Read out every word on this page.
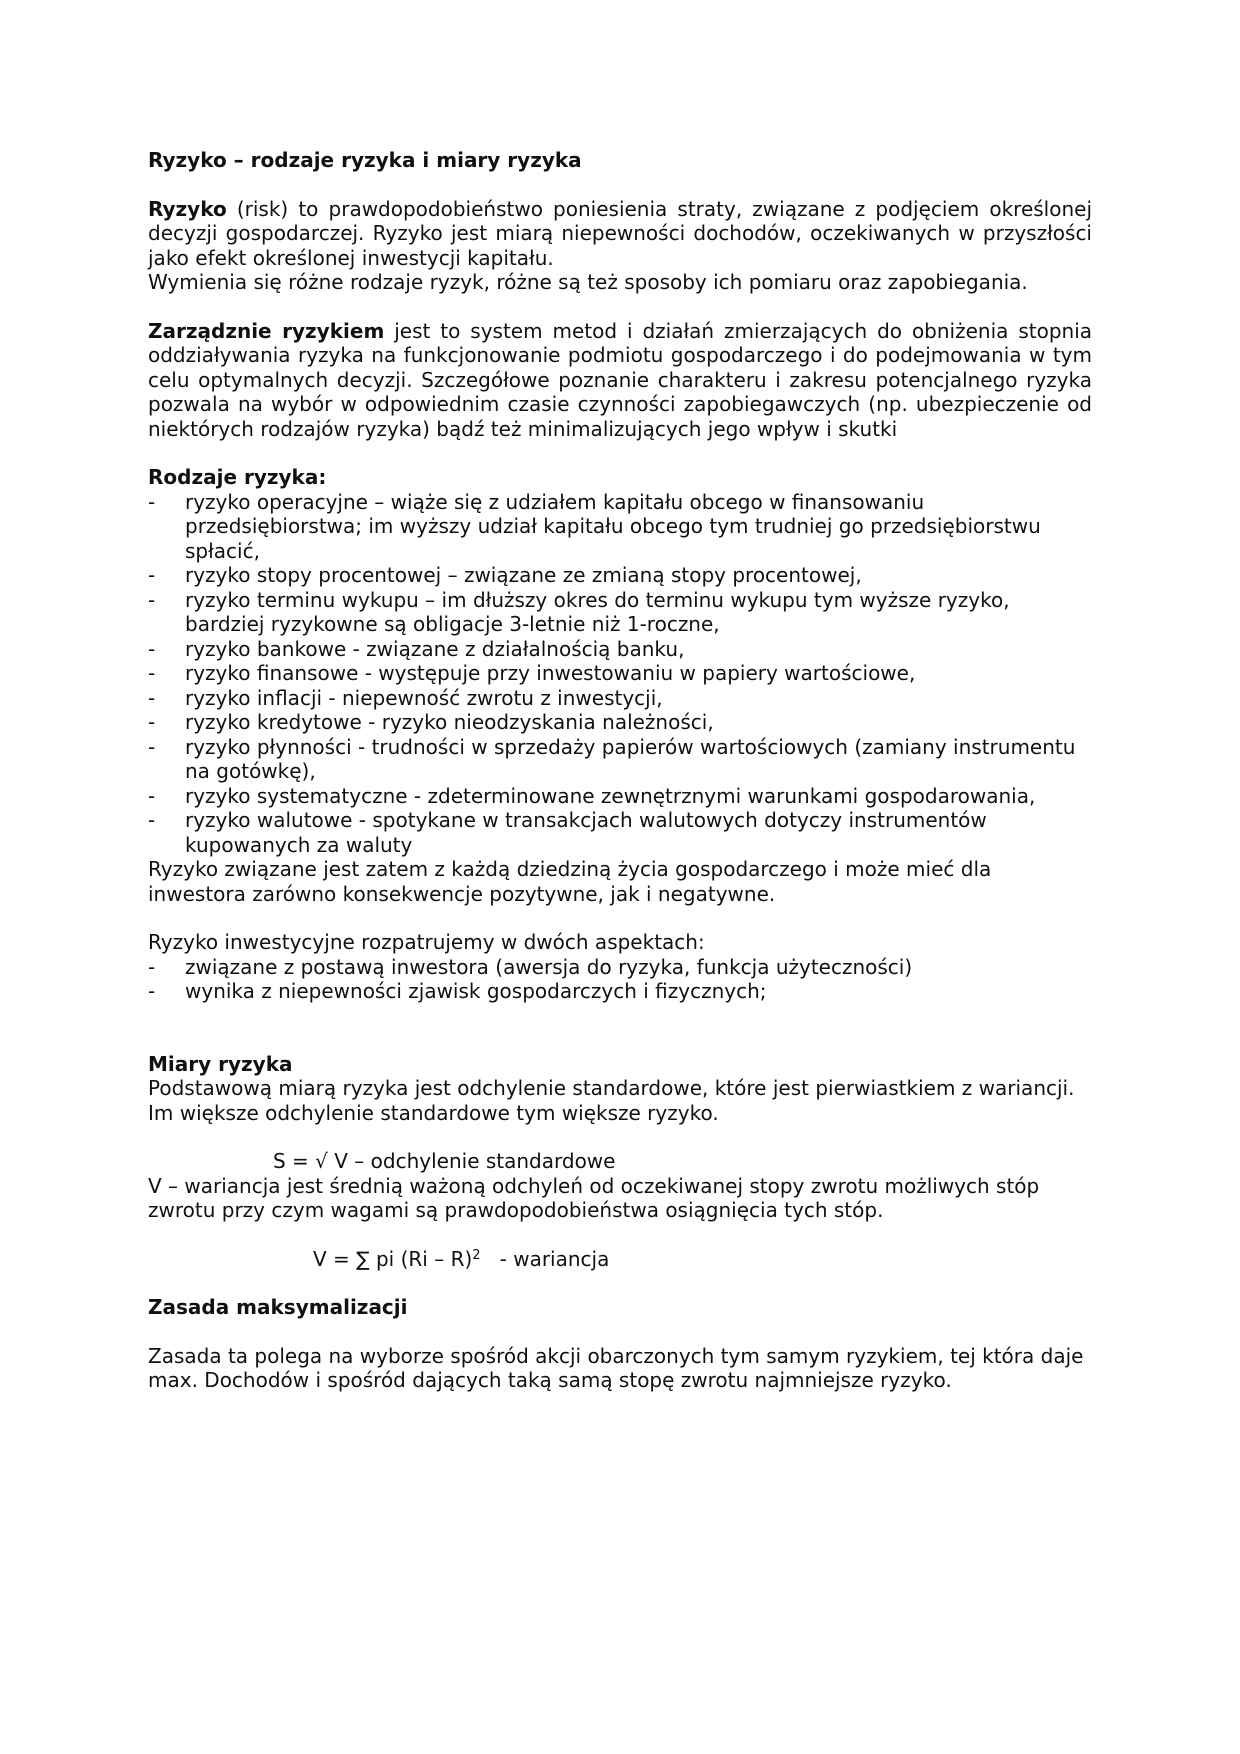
Ryzyko – rodzaje ryzyka i miary ryzyka

Ryzyko (risk) to prawdopodobieństwo poniesienia straty, związane z podjęciem określonej decyzji gospodarczej. Ryzyko jest miarą niepewności dochodów, oczekiwanych w przyszłości jako efekt określonej inwestycji kapitału.

Wymienia się różne rodzaje ryzyk, różne są też sposoby ich pomiaru oraz zapobiegania.

Zarządznie ryzykiem jest to system metod i działań zmierzających do obniżenia stopnia oddziaływania ryzyka na funkcjonowanie podmiotu gospodarczego i do podejmowania w tym celu optymalnych decyzji. Szczegółowe poznanie charakteru i zakresu potencjalnego ryzyka pozwala na wybór w odpowiednim czasie czynności zapobiegawczych (np. ubezpieczenie od niektórych rodzajów ryzyka) bądź też minimalizujących jego wpływ i skutki

Rodzaje ryzyka:

- ryzyko operacyjne – wiąże się z udziałem kapitału obcego w finansowaniu przedsiębiorstwa; im wyższy udział kapitału obcego tym trudniej go przedsiębiorstwu spłacić,
- ryzyko stopy procentowej – związane ze zmianą stopy procentowej,
- ryzyko terminu wykupu – im dłuższy okres do terminu wykupu tym wyższe ryzyko, bardziej ryzykowne są obligacje 3-letnie niż 1-roczne,
- ryzyko bankowe - związane z działalnością banku,
- ryzyko finansowe - występuje przy inwestowaniu w papiery wartościowe,
- ryzyko inflacji - niepewność zwrotu z inwestycji,
- ryzyko kredytowe - ryzyko nieodzyskania należności,
- ryzyko płynności - trudności w sprzedaży papierów wartościowych (zamiany instrumentu na gotówkę),
- ryzyko systematyczne - zdeterminowane zewnętrznymi warunkami gospodarowania,
- ryzyko walutowe - spotykane w transakcjach walutowych dotyczy instrumentów kupowanych za waluty

Ryzyko związane jest zatem z każdą dziedziną życia gospodarczego i może mieć dla inwestora zarówno konsekwencje pozytywne, jak i negatywne.

Ryzyko inwestycyjne rozpatrujemy w dwóch aspektach:

- związane z postawą inwestora (awersja do ryzyka, funkcja użyteczności)
- wynika z niepewności zjawisk gospodarczych i fizycznych;

Miary ryzyka

Podstawową miarą ryzyka jest odchylenie standardowe, które jest pierwiastkiem z wariancji. Im większe odchylenie standardowe tym większe ryzyko.

S = √ V – odchylenie standardowe

V – wariancja jest średnią ważoną odchyleń od oczekiwanej stopy zwrotu możliwych stóp zwrotu przy czym wagami są prawdopodobieństwa osiągnięcia tych stóp.

V = ∑ pi (Ri – R)$^2$   - wariancja

Zasada maksymalizacji

Zasada ta polega na wyborze spośród akcji obarczonych tym samym ryzykiem, tej która daje max. Dochodów i spośród dających taką samą stopę zwrotu najmniejsze ryzyko.
